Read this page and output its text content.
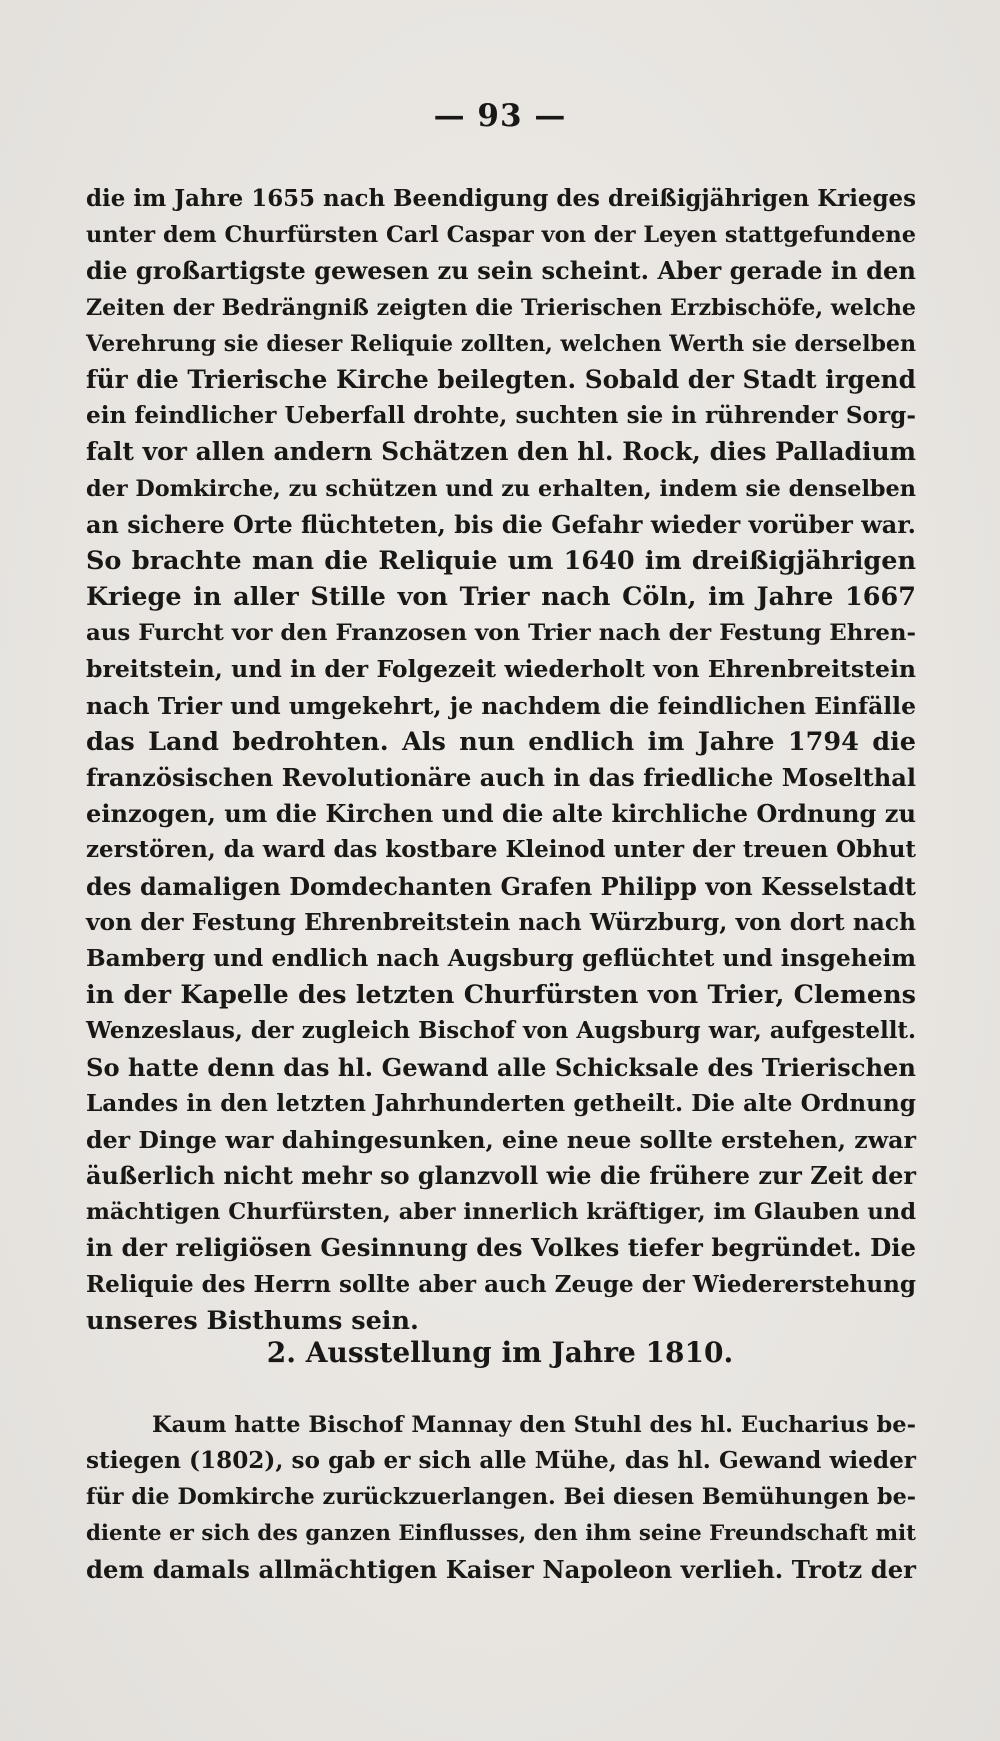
— 93 —
die im Jahre 1655 nach Beendigung des dreißigjährigen Krieges
unter dem Churfürsten Carl Caspar von der Leyen stattgefundene
die großartigste gewesen zu sein scheint. Aber gerade in den
Zeiten der Bedrängniß zeigten die Trierischen Erzbischöfe, welche
Verehrung sie dieser Reliquie zollten, welchen Werth sie derselben
für die Trierische Kirche beilegten. Sobald der Stadt irgend
ein feindlicher Ueberfall drohte, suchten sie in rührender Sorg-
falt vor allen andern Schätzen den hl. Rock, dies Palladium
der Domkirche, zu schützen und zu erhalten, indem sie denselben
an sichere Orte flüchteten, bis die Gefahr wieder vorüber war.
So brachte man die Reliquie um 1640 im dreißigjährigen
Kriege in aller Stille von Trier nach Cöln, im Jahre 1667
aus Furcht vor den Franzosen von Trier nach der Festung Ehren-
breitstein, und in der Folgezeit wiederholt von Ehrenbreitstein
nach Trier und umgekehrt, je nachdem die feindlichen Einfälle
das Land bedrohten. Als nun endlich im Jahre 1794 die
französischen Revolutionäre auch in das friedliche Moselthal
einzogen, um die Kirchen und die alte kirchliche Ordnung zu
zerstören, da ward das kostbare Kleinod unter der treuen Obhut
des damaligen Domdechanten Grafen Philipp von Kesselstadt
von der Festung Ehrenbreitstein nach Würzburg, von dort nach
Bamberg und endlich nach Augsburg geflüchtet und insgeheim
in der Kapelle des letzten Churfürsten von Trier, Clemens
Wenzeslaus, der zugleich Bischof von Augsburg war, aufgestellt.
So hatte denn das hl. Gewand alle Schicksale des Trierischen
Landes in den letzten Jahrhunderten getheilt. Die alte Ordnung
der Dinge war dahingesunken, eine neue sollte erstehen, zwar
äußerlich nicht mehr so glanzvoll wie die frühere zur Zeit der
mächtigen Churfürsten, aber innerlich kräftiger, im Glauben und
in der religiösen Gesinnung des Volkes tiefer begründet. Die
Reliquie des Herrn sollte aber auch Zeuge der Wiedererstehung
unseres Bisthums sein.
2. Ausstellung im Jahre 1810.
Kaum hatte Bischof Mannay den Stuhl des hl. Eucharius be-
stiegen (1802), so gab er sich alle Mühe, das hl. Gewand wieder
für die Domkirche zurückzuerlangen. Bei diesen Bemühungen be-
diente er sich des ganzen Einflusses, den ihm seine Freundschaft mit
dem damals allmächtigen Kaiser Napoleon verlieh. Trotz der
